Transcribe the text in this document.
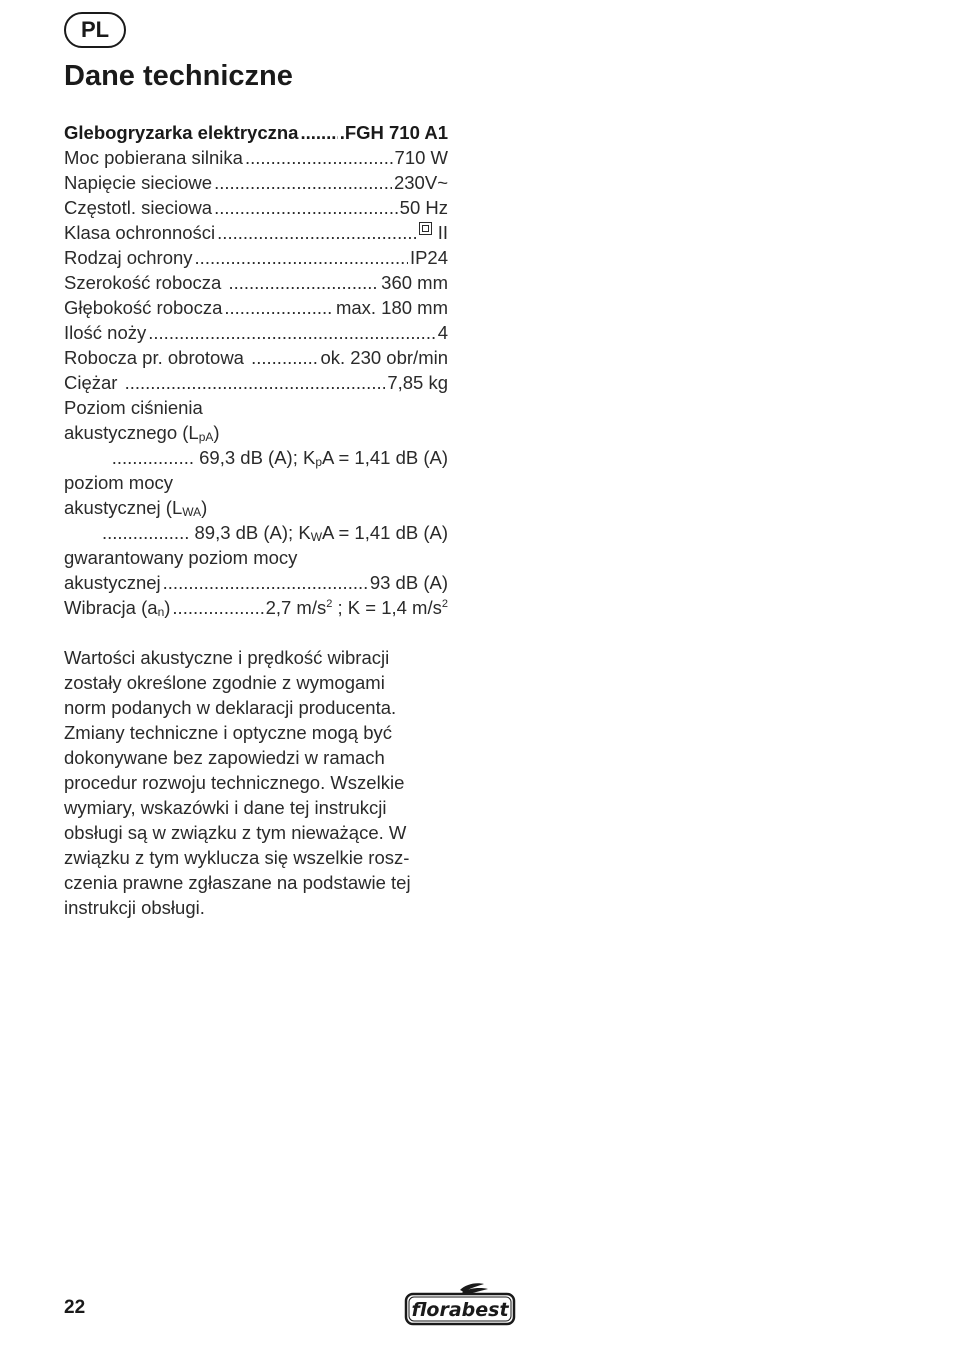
PL
Dane techniczne
Glebogryzarka elektryczna ..... .FGH 710 A1
Moc pobierana silnika .....	710 W
Napięcie sieciowe .....	230V~
Częstotl. sieciowa .....	50 Hz
Klasa ochronności .....	II
Rodzaj ochrony .....	IP24
Szerokość robocza .....	360 mm
Głębokość robocza .....	max. 180 mm
Ilość noży .....	4
Robocza pr. obrotowa .....	ok. 230 obr/min
Ciężar .....	7,85 kg
Poziom ciśnienia
akustycznego (LpA)
................ 69,3 dB (A); KpA = 1,41 dB (A)
poziom mocy
akustycznej (LWA)
................. 89,3 dB (A); KWA = 1,41 dB (A)
gwarantowany poziom mocy
akustycznej .....	93 dB (A)
Wibracja (an) .....	2,7 $m/s^2$ ; K = 1,4 $m/s^2$

Wartości akustyczne i prędkość wibracji
zostały określone zgodnie z wymogami
norm podanych w deklaracji producenta.
Zmiany techniczne i optyczne mogą być
dokonywane bez zapowiedzi w ramach
procedur rozwoju technicznego. Wszelkie
wymiary, wskazówki i dane tej instrukcji
obsługi są w związku z tym nieważące. W
związku z tym wyklucza się wszelkie rosz-
czenia prawne zgłaszane na podstawie tej
instrukcji obsługi.

22	florabest
